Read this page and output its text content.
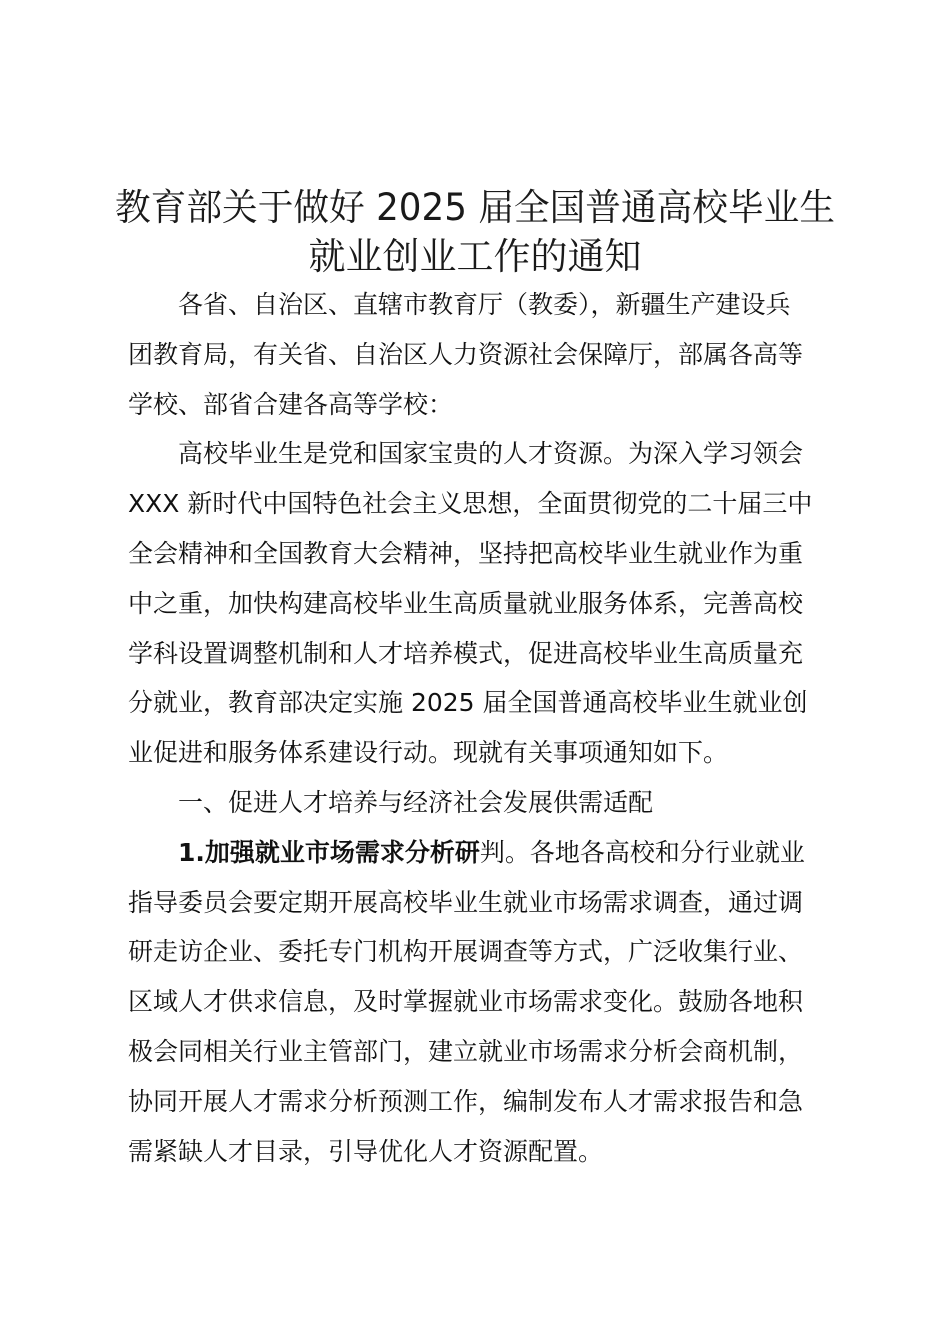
教育部关于做好 2025 届全国普通高校毕业生
就业创业工作的通知
各省、自治区、直辖市教育厅（教委），新疆生产建设兵
团教育局，有关省、自治区人力资源社会保障厅，部属各高等
学校、部省合建各高等学校：
高校毕业生是党和国家宝贵的人才资源。为深入学习领会
XXX 新时代中国特色社会主义思想，全面贯彻党的二十届三中
全会精神和全国教育大会精神，坚持把高校毕业生就业作为重
中之重，加快构建高校毕业生高质量就业服务体系，完善高校
学科设置调整机制和人才培养模式，促进高校毕业生高质量充
分就业，教育部决定实施 2025 届全国普通高校毕业生就业创
业促进和服务体系建设行动。现就有关事项通知如下。
一、促进人才培养与经济社会发展供需适配
1.加强就业市场需求分析研判。各地各高校和分行业就业
指导委员会要定期开展高校毕业生就业市场需求调查，通过调
研走访企业、委托专门机构开展调查等方式，广泛收集行业、
区域人才供求信息，及时掌握就业市场需求变化。鼓励各地积
极会同相关行业主管部门，建立就业市场需求分析会商机制，
协同开展人才需求分析预测工作，编制发布人才需求报告和急
需紧缺人才目录，引导优化人才资源配置。
